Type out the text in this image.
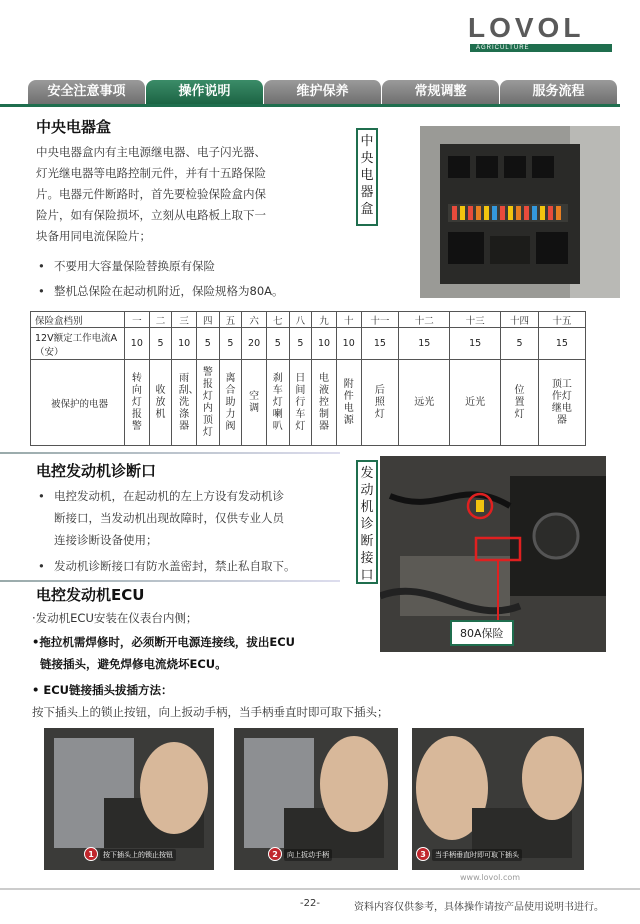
LOVOL
AGRICULTURE
安全注意事项	操作说明	维护保养	常规调整	服务流程
中央电器盒
中央电器盒内有主电源继电器、电子闪光器、
灯光继电器等电路控制元件，并有十五路保险
片。电器元件断路时，首先要检验保险盒内保
险片，如有保险损坏，立刻从电路板上取下一
块备用同电流保险片；
• 不要用大容量保险替换原有保险
• 整机总保险在起动机附近，保险规格为80A。
中央电器盒
保险盒档别	一	二	三	四	五	六	七	八	九	十	十一	十二	十三	十四	十五
12V额定工作电流A（安）	10	5	10	5	5	20	5	5	10	10	15	15	15	5	15
被保护的电器	转向灯报警	收放机	雨刮、洗涤器	警报灯内顶灯	离合助力阀	空调	刹车灯喇叭	日间行车灯	电液控制器	附件电源	后照灯	远光	近光	位置灯	顶工作灯继电器
电控发动机诊断口
• 电控发动机，在起动机的左上方设有发动机诊
断接口，当发动机出现故障时，仅供专业人员
连接诊断设备使用；
• 发动机诊断接口有防水盖密封，禁止私自取下。
发动机诊断接口
80A保险
电控发动机ECU
·发动机ECU安装在仪表台内侧；
•拖拉机需焊修时，必须断开电源连接线，拔出ECU
链接插头，避免焊修电流烧坏ECU。
• ECU链接插头拔插方法：
按下插头上的锁止按钮，向上扳动手柄，当手柄垂直时即可取下插头；
1	按下插头上的锁止按钮	2	向上扳动手柄	3	当手柄垂直时即可取下插头
www.lovol.com
-22-	资料内容仅供参考，具体操作请按产品使用说明书进行。
